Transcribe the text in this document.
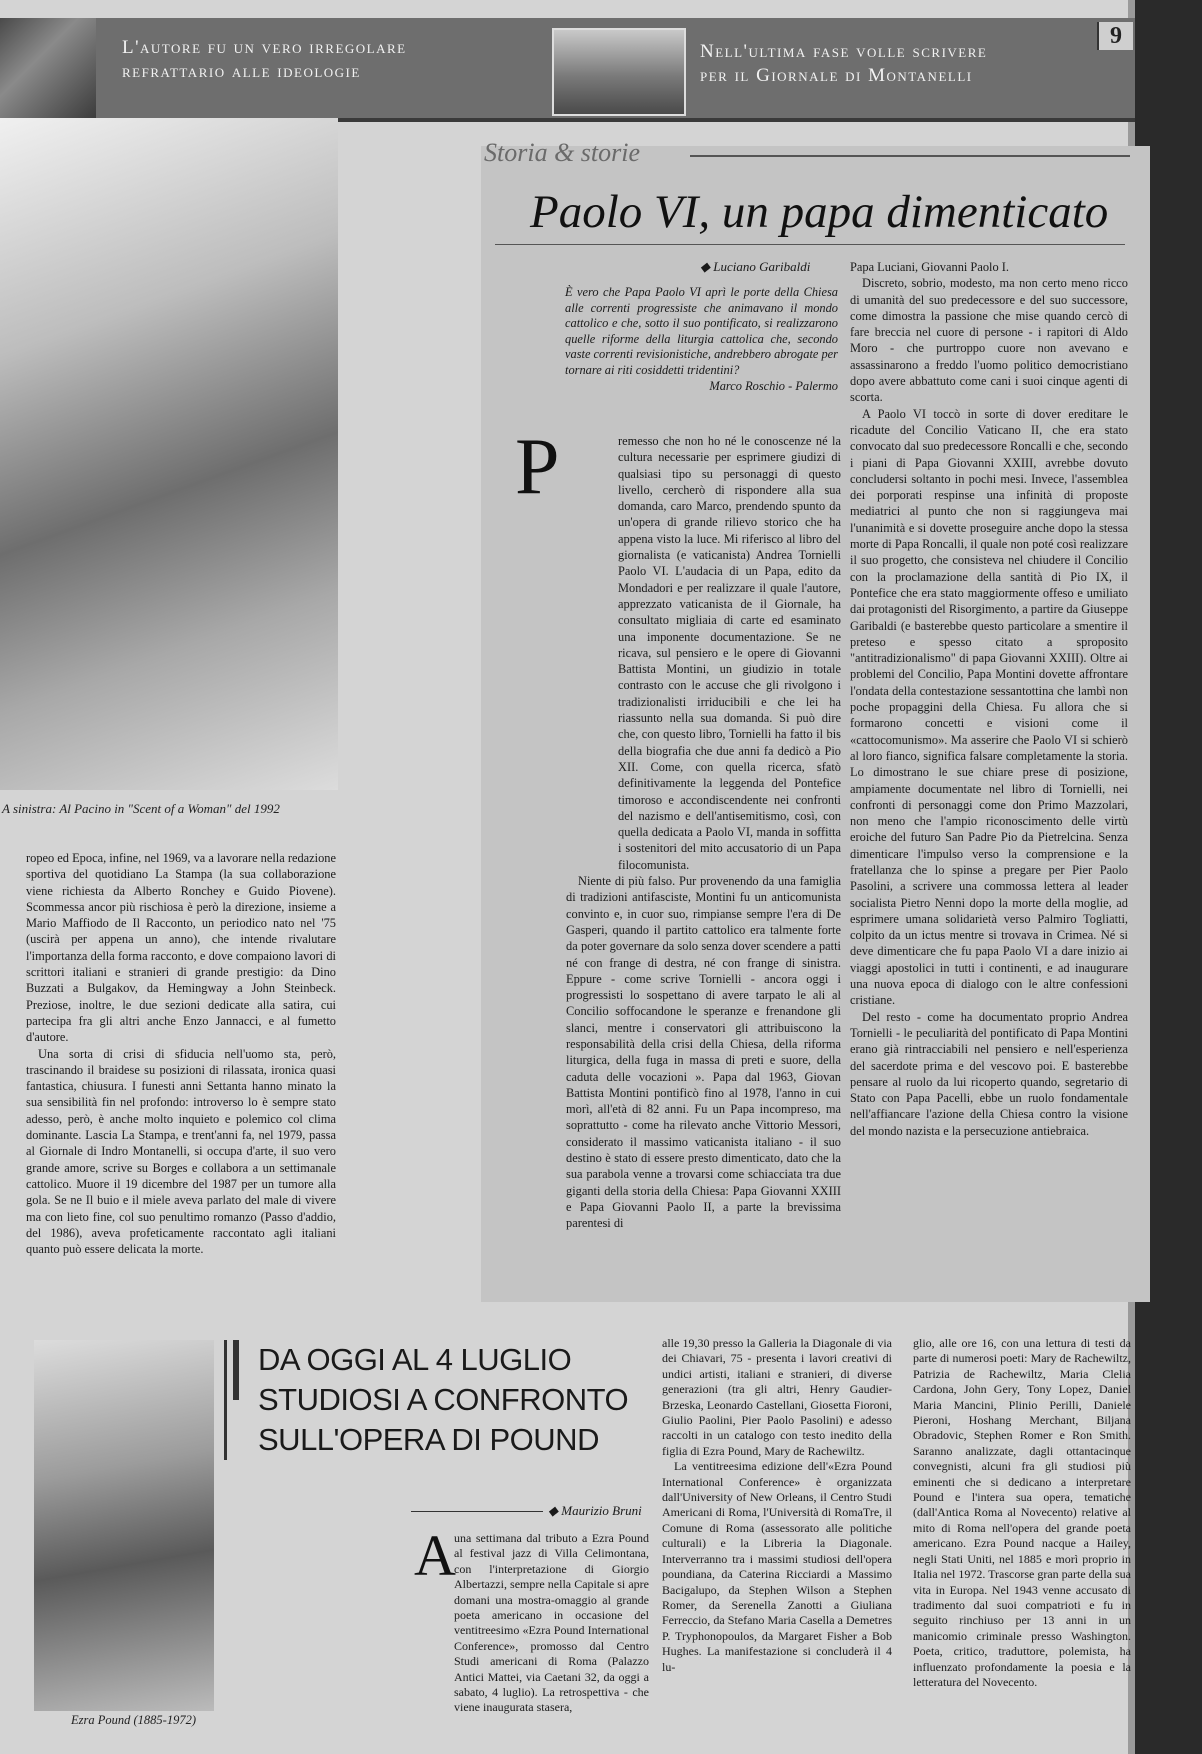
L'autore fu un vero irregolare
refrattario alle ideologie
Nell'ultima fase volle scrivere
per il Giornale di Montanelli
9
A sinistra: Al Pacino in "Scent of a Woman" del 1992

ropeo ed Epoca, infine, nel 1969, va a lavorare nella redazione sportiva del quotidiano La Stampa (la sua collaborazione viene richiesta da Alberto Ronchey e Guido Piovene). Scommessa ancor più rischiosa è però la direzione, insieme a Mario Maffiodo de Il Racconto, un periodico nato nel '75 (uscirà per appena un anno), che intende rivalutare l'importanza della forma racconto, e dove compaiono lavori di scrittori italiani e stranieri di grande prestigio: da Dino Buzzati a Bulgakov, da Hemingway a John Steinbeck. Preziose, inoltre, le due sezioni dedicate alla satira, cui partecipa fra gli altri anche Enzo Jannacci, e al fumetto d'autore.

Una sorta di crisi di sfiducia nell'uomo sta, però, trascinando il braidese su posizioni di rilassata, ironica quasi fantastica, chiusura. I funesti anni Settanta hanno minato la sua sensibilità fin nel profondo: introverso lo è sempre stato adesso, però, è anche molto inquieto e polemico col clima dominante. Lascia La Stampa, e trent'anni fa, nel 1979, passa al Giornale di Indro Montanelli, si occupa d'arte, il suo vero grande amore, scrive su Borges e collabora a un settimanale cattolico. Muore il 19 dicembre del 1987 per un tumore alla gola. Se ne Il buio e il miele aveva parlato del male di vivere ma con lieto fine, col suo penultimo romanzo (Passo d'addio, del 1986), aveva profeticamente raccontato agli italiani quanto può essere delicata la morte.

Storia & storie
Paolo VI, un papa dimenticato
◆ Luciano Garibaldi
È vero che Papa Paolo VI aprì le porte della Chiesa alle correnti progressiste che animavano il mondo cattolico e che, sotto il suo pontificato, si realizzarono quelle riforme della liturgia cattolica che, secondo vaste correnti revisionistiche, andrebbero abrogate per tornare ai riti cosiddetti tridentini?
Marco Roschio - Palermo
P	remesso che non ho né le conoscenze né la cultura necessarie per esprimere giudizi di qualsiasi tipo su personaggi di questo livello, cercherò di rispondere alla sua domanda, caro Marco, prendendo spunto da un'opera di grande rilievo storico che ha appena visto la luce. Mi riferisco al libro del giornalista (e vaticanista) Andrea Tornielli Paolo VI. L'audacia di un Papa, edito da Mondadori e per realizzare il quale l'autore, apprezzato vaticanista de il Giornale, ha consultato migliaia di carte ed esaminato una imponente documentazione. Se ne ricava, sul pensiero e le opere di Giovanni Battista Montini, un giudizio in totale contrasto con le accuse che gli rivolgono i tradizionalisti irriducibili e che lei ha riassunto nella sua domanda. Si può dire che, con questo libro, Tornielli ha fatto il bis della biografia che due anni fa dedicò a Pio XII. Come, con quella ricerca, sfatò definitivamente la leggenda del Pontefice timoroso e accondiscendente nei confronti del nazismo e dell'antisemitismo, così, con quella dedicata a Paolo VI, manda in soffitta i sostenitori del mito accusatorio di un Papa filocomunista.

Niente di più falso. Pur provenendo da una famiglia di tradizioni antifasciste, Montini fu un anticomunista convinto e, in cuor suo, rimpianse sempre l'era di De Gasperi, quando il partito cattolico era talmente forte da poter governare da solo senza dover scendere a patti né con frange di destra, né con frange di sinistra. Eppure - come scrive Tornielli - ancora oggi i progressisti lo sospettano di avere tarpato le ali al Concilio soffocandone le speranze e frenandone gli slanci, mentre i conservatori gli attribuiscono la responsabilità della crisi della Chiesa, della riforma liturgica, della fuga in massa di preti e suore, della caduta delle vocazioni ». Papa dal 1963, Giovan Battista Montini pontificò fino al 1978, l'anno in cui morì, all'età di 82 anni. Fu un Papa incompreso, ma soprattutto - come ha rilevato anche Vittorio Messori, considerato il massimo vaticanista italiano - il suo destino è stato di essere presto dimenticato, dato che la sua parabola venne a trovarsi come schiacciata tra due giganti della storia della Chiesa: Papa Giovanni XXIII e Papa Giovanni Paolo II, a parte la brevissima parentesi di

Papa Luciani, Giovanni Paolo I.

Discreto, sobrio, modesto, ma non certo meno ricco di umanità del suo predecessore e del suo successore, come dimostra la passione che mise quando cercò di fare breccia nel cuore di persone - i rapitori di Aldo Moro - che purtroppo cuore non avevano e assassinarono a freddo l'uomo politico democristiano dopo avere abbattuto come cani i suoi cinque agenti di scorta.

A Paolo VI toccò in sorte di dover ereditare le ricadute del Concilio Vaticano II, che era stato convocato dal suo predecessore Roncalli e che, secondo i piani di Papa Giovanni XXIII, avrebbe dovuto concludersi soltanto in pochi mesi. Invece, l'assemblea dei porporati respinse una infinità di proposte mediatrici al punto che non si raggiungeva mai l'unanimità e si dovette proseguire anche dopo la stessa morte di Papa Roncalli, il quale non poté così realizzare il suo progetto, che consisteva nel chiudere il Concilio con la proclamazione della santità di Pio IX, il Pontefice che era stato maggiormente offeso e umiliato dai protagonisti del Risorgimento, a partire da Giuseppe Garibaldi (e basterebbe questo particolare a smentire il preteso e spesso citato a sproposito "antitradizionalismo" di papa Giovanni XXIII). Oltre ai problemi del Concilio, Papa Montini dovette affrontare l'ondata della contestazione sessantottina che lambì non poche propaggini della Chiesa. Fu allora che si formarono concetti e visioni come il «cattocomunismo». Ma asserire che Paolo VI si schierò al loro fianco, significa falsare completamente la storia. Lo dimostrano le sue chiare prese di posizione, ampiamente documentate nel libro di Tornielli, nei confronti di personaggi come don Primo Mazzolari, non meno che l'ampio riconoscimento delle virtù eroiche del futuro San Padre Pio da Pietrelcina. Senza dimenticare l'impulso verso la comprensione e la fratellanza che lo spinse a pregare per Pier Paolo Pasolini, a scrivere una commossa lettera al leader socialista Pietro Nenni dopo la morte della moglie, ad esprimere umana solidarietà verso Palmiro Togliatti, colpito da un ictus mentre si trovava in Crimea. Né si deve dimenticare che fu papa Paolo VI a dare inizio ai viaggi apostolici in tutti i continenti, e ad inaugurare una nuova epoca di dialogo con le altre confessioni cristiane.

Del resto - come ha documentato proprio Andrea Tornielli - le peculiarità del pontificato di Papa Montini erano già rintracciabili nel pensiero e nell'esperienza del sacerdote prima e del vescovo poi. E basterebbe pensare al ruolo da lui ricoperto quando, segretario di Stato con Papa Pacelli, ebbe un ruolo fondamentale nell'affiancare l'azione della Chiesa contro la visione del mondo nazista e la persecuzione antiebraica.

Ezra Pound (1885-1972)
DA OGGI AL 4 LUGLIO
STUDIOSI A CONFRONTO
SULL'OPERA DI POUND
◆ Maurizio Bruni
A

una settimana dal tributo a Ezra Pound al festival jazz di Villa Celimontana, con l'interpretazione di Giorgio Albertazzi, sempre nella Capitale si apre domani una mostra-omaggio al grande poeta americano in occasione del ventitreesimo «Ezra Pound International Conference», promosso dal Centro Studi americani di Roma (Palazzo Antici Mattei, via Caetani 32, da oggi a sabato, 4 luglio). La retrospettiva - che viene inaugurata stasera,

alle 19,30 presso la Galleria la Diagonale di via dei Chiavari, 75 - presenta i lavori creativi di undici artisti, italiani e stranieri, di diverse generazioni (tra gli altri, Henry Gaudier-Brzeska, Leonardo Castellani, Giosetta Fioroni, Giulio Paolini, Pier Paolo Pasolini) e adesso raccolti in un catalogo con testo inedito della figlia di Ezra Pound, Mary de Rachewiltz.

La ventitreesima edizione dell'«Ezra Pound International Conference» è organizzata dall'University of New Orleans, il Centro Studi Americani di Roma, l'Università di RomaTre, il Comune di Roma (assessorato alle politiche culturali) e la Libreria la Diagonale. Interverranno tra i massimi studiosi dell'opera poundiana, da Caterina Ricciardi a Massimo Bacigalupo, da Stephen Wilson a Stephen Romer, da Serenella Zanotti a Giuliana Ferreccio, da Stefano Maria Casella a Demetres P. Tryphonopoulos, da Margaret Fisher a Bob Hughes. La manifestazione si concluderà il 4 lu-

glio, alle ore 16, con una lettura di testi da parte di numerosi poeti: Mary de Rachewiltz, Patrizia de Rachewiltz, Maria Clelia Cardona, John Gery, Tony Lopez, Daniel Maria Mancini, Plinio Perilli, Daniele Pieroni, Hoshang Merchant, Biljana Obradovic, Stephen Romer e Ron Smith. Saranno analizzate, dagli ottantacinque convegnisti, alcuni fra gli studiosi più eminenti che si dedicano a interpretare Pound e l'intera sua opera, tematiche (dall'Antica Roma al Novecento) relative al mito di Roma nell'opera del grande poeta americano. Ezra Pound nacque a Hailey, negli Stati Uniti, nel 1885 e morì proprio in Italia nel 1972. Trascorse gran parte della sua vita in Europa. Nel 1943 venne accusato di tradimento dal suoi compatrioti e fu in seguito rinchiuso per 13 anni in un manicomio criminale presso Washington. Poeta, critico, traduttore, polemista, ha influenzato profondamente la poesia e la letteratura del Novecento.
